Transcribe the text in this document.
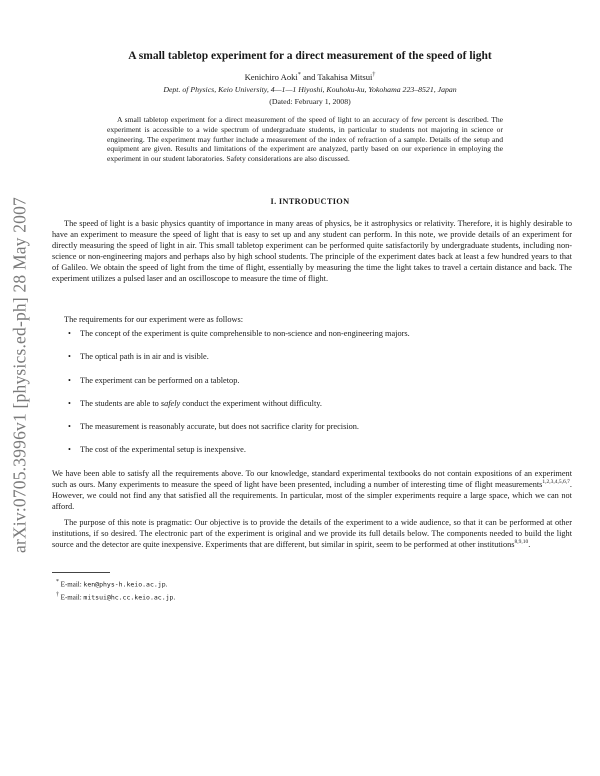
arXiv:0705.3996v1 [physics.ed-ph] 28 May 2007
A small tabletop experiment for a direct measurement of the speed of light
Kenichiro Aoki* and Takahisa Mitsui†
Dept. of Physics, Keio University, 4—1—1 Hiyoshi, Kouhoku-ku, Yokohama 223–8521, Japan
(Dated: February 1, 2008)
A small tabletop experiment for a direct measurement of the speed of light to an accuracy of few percent is described. The experiment is accessible to a wide spectrum of undergraduate students, in particular to students not majoring in science or engineering. The experiment may further include a measurement of the index of refraction of a sample. Details of the setup and equipment are given. Results and limitations of the experiment are analyzed, partly based on our experience in employing the experiment in our student laboratories. Safety considerations are also discussed.
I. INTRODUCTION
The speed of light is a basic physics quantity of importance in many areas of physics, be it astrophysics or relativity. Therefore, it is highly desirable to have an experiment to measure the speed of light that is easy to set up and any student can perform. In this note, we provide details of an experiment for directly measuring the speed of light in air. This small tabletop experiment can be performed quite satisfactorily by undergraduate students, including non-science or non-engineering majors and perhaps also by high school students. The principle of the experiment dates back at least a few hundred years to that of Galileo. We obtain the speed of light from the time of flight, essentially by measuring the time the light takes to travel a certain distance and back. The experiment utilizes a pulsed laser and an oscilloscope to measure the time of flight.
The requirements for our experiment were as follows:
• The concept of the experiment is quite comprehensible to non-science and non-engineering majors.
• The optical path is in air and is visible.
• The experiment can be performed on a tabletop.
• The students are able to safely conduct the experiment without difficulty.
• The measurement is reasonably accurate, but does not sacrifice clarity for precision.
• The cost of the experimental setup is inexpensive.
We have been able to satisfy all the requirements above. To our knowledge, standard experimental textbooks do not contain expositions of an experiment such as ours. Many experiments to measure the speed of light have been presented, including a number of interesting time of flight measurements$^{1,2,3,4,5,6,7}$. However, we could not find any that satisfied all the requirements. In particular, most of the simpler experiments require a large space, which we can not afford.
The purpose of this note is pragmatic: Our objective is to provide the details of the experiment to a wide audience, so that it can be performed at other institutions, if so desired. The electronic part of the experiment is original and we provide its full details below. The components needed to build the light source and the detector are quite inexpensive. Experiments that are different, but similar in spirit, seem to be performed at other institutions$^{8,9,10}$.
* E-mail: ken@phys-h.keio.ac.jp.
† E-mail: mitsui@hc.cc.keio.ac.jp.
